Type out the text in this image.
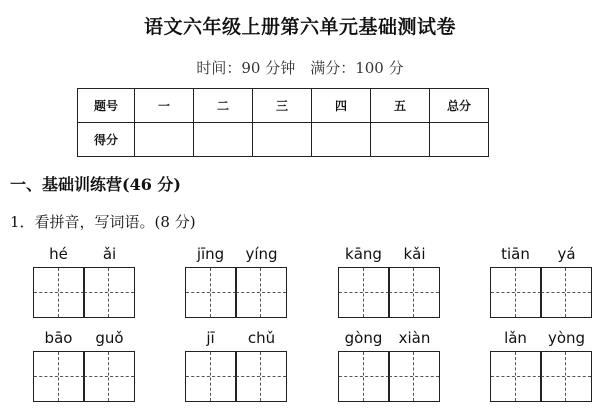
语文六年级上册第六单元基础测试卷
时间：90 分钟　满分：100 分
题号	一	二	三	四	五	总分
得分						
一、基础训练营(46 分)
1．看拼音，写词语。(8 分)
hé	ǎi	jīng	yíng	kāng	kǎi	tiān	yá
bāo	guǒ	jī	chǔ	gòng	xiàn	lǎn	yòng
